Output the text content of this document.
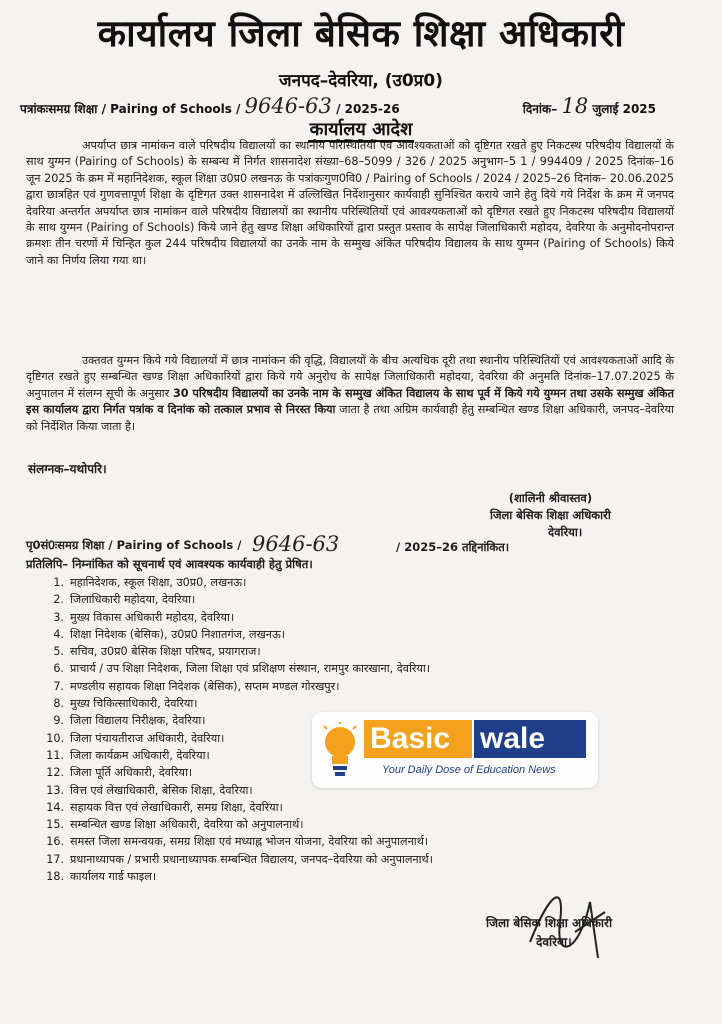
कार्यालय जिला बेसिक शिक्षा अधिकारी
जनपद–देवरिया, (उ0प्र0)
पत्रांकःसमग्र शिक्षा / Pairing of Schools / 9646-63 / 2025-26	दिनांक– 18 जुलाई 2025
कार्यालय आदेश
अपर्याप्त छात्र नामांकन वाले परिषदीय विद्यालयों का स्थानीय परिस्थितियों एवं आवश्यकताओं को दृष्टिगत रखते हुए निकटस्थ परिषदीय विद्यालयों के साथ युग्मन (Pairing of Schools) के सम्बन्ध में निर्गत शासनादेश संख्या–68–5099 / 326 / 2025 अनुभाग–5 1 / 994409 / 2025 दिनांक–16 जून 2025 के क्रम में महानिदेशक, स्कूल शिक्षा उ0प्र0 लखनऊ के पत्रांकःगुण0वि0 / Pairing of Schools / 2024 / 2025–26 दिनांक– 20.06.2025 द्वारा छात्रहित एवं गुणवत्तापूर्ण शिक्षा के दृष्टिगत उक्त शासनादेश में उल्लिखित निर्देशानुसार कार्यवाही सुनिश्चित कराये जाने हेतु दिये गये निर्देश के क्रम में जनपद देवरिया अन्तर्गत अपर्याप्त छात्र नामांकन वाले परिषदीय विद्यालयों का स्थानीय परिस्थितियों एवं आवश्यकताओं को दृष्टिगत रखते हुए निकटस्थ परिषदीय विद्यालयों के साथ युग्मन (Pairing of Schools) किये जाने हेतु खण्ड शिक्षा अधिकारियों द्वारा प्रस्तुत प्रस्ताव के सापेक्ष जिलाधिकारी महोदय, देवरिया के अनुमोदनोपरान्त क्रमशः तीन चरणों में चिन्हित कुल 244 परिषदीय विद्यालयों का उनके नाम के सम्मुख अंकित परिषदीय विद्यालय के साथ युग्मन (Pairing of Schools) किये जाने का निर्णय लिया गया था।
उक्तवत युग्मन किये गये विद्यालयों में छात्र नामांकन की वृद्धि, विद्यालयों के बीच अत्यधिक दूरी तथा स्थानीय परिस्थितियों एवं आवश्यकताओं आदि के दृष्टिगत रखते हुए सम्बन्धित खण्ड शिक्षा अधिकारियों द्वारा किये गये अनुरोध के सापेक्ष जिलाधिकारी महोदया, देवरिया की अनुमति दिनांक–17.07.2025 के अनुपालन में संलग्न सूची के अनुसार 30 परिषदीय विद्यालयों का उनके नाम के सम्मुख अंकित विद्यालय के साथ पूर्व में किये गये युग्मन तथा उसके सम्मुख अंकित इस कार्यालय द्वारा निर्गत पत्रांक व दिनांक को तत्काल प्रभाव से निरस्त किया जाता है तथा अग्रिम कार्यवाही हेतु सम्बन्धित खण्ड शिक्षा अधिकारी, जनपद–देवरिया को निर्देशित किया जाता है।
संलग्नक–यथोपरि।
(शालिनी श्रीवास्तव)
जिला बेसिक शिक्षा अधिकारी
देवरिया।
पृ0सं0ःसमग्र शिक्षा / Pairing of Schools / 9646-63	/ 2025–26 तद्दिनांकित।
प्रतिलिपि– निम्नांकित को सूचनार्थ एवं आवश्यक कार्यवाही हेतु प्रेषित।
1. महानिदेशक, स्कूल शिक्षा, उ0प्र0, लखनऊ।
2. जिलाधिकारी महोदया, देवरिया।
3. मुख्य विकास अधिकारी महोदय, देवरिया।
4. शिक्षा निदेशक (बेसिक), उ0प्र0 निशातगंज, लखनऊ।
5. सचिव, उ0प्र0 बेसिक शिक्षा परिषद, प्रयागराज।
6. प्राचार्य / उप शिक्षा निदेशक, जिला शिक्षा एवं प्रशिक्षण संस्थान, रामपुर कारखाना, देवरिया।
7. मण्डलीय सहायक शिक्षा निदेशक (बेसिक), सप्तम मण्डल गोरखपुर।
8. मुख्य चिकित्साधिकारी, देवरिया।
9. जिला विद्यालय निरीक्षक, देवरिया।
10. जिला पंचायतीराज अधिकारी, देवरिया।
11. जिला कार्यक्रम अधिकारी, देवरिया।
12. जिला पूर्ति अधिकारी, देवरिया।
13. वित्त एवं लेखाधिकारी, बेसिक शिक्षा, देवरिया।
14. सहायक वित्त एवं लेखाधिकारी, समग्र शिक्षा, देवरिया।
15. सम्बन्धित खण्ड शिक्षा अधिकारी, देवरिया को अनुपालनार्थ।
16. समस्त जिला समन्वयक, समग्र शिक्षा एवं मध्याह्न भोजन योजना, देवरिया को अनुपालनार्थ।
17. प्रधानाध्यापक / प्रभारी प्रधानाध्यापक सम्बन्धित विद्यालय, जनपद–देवरिया को अनुपालनार्थ।
18. कार्यालय गार्ड फाइल।
जिला बेसिक शिक्षा अधिकारी
देवरिया।
Basic wale
Your Daily Dose of Education News
